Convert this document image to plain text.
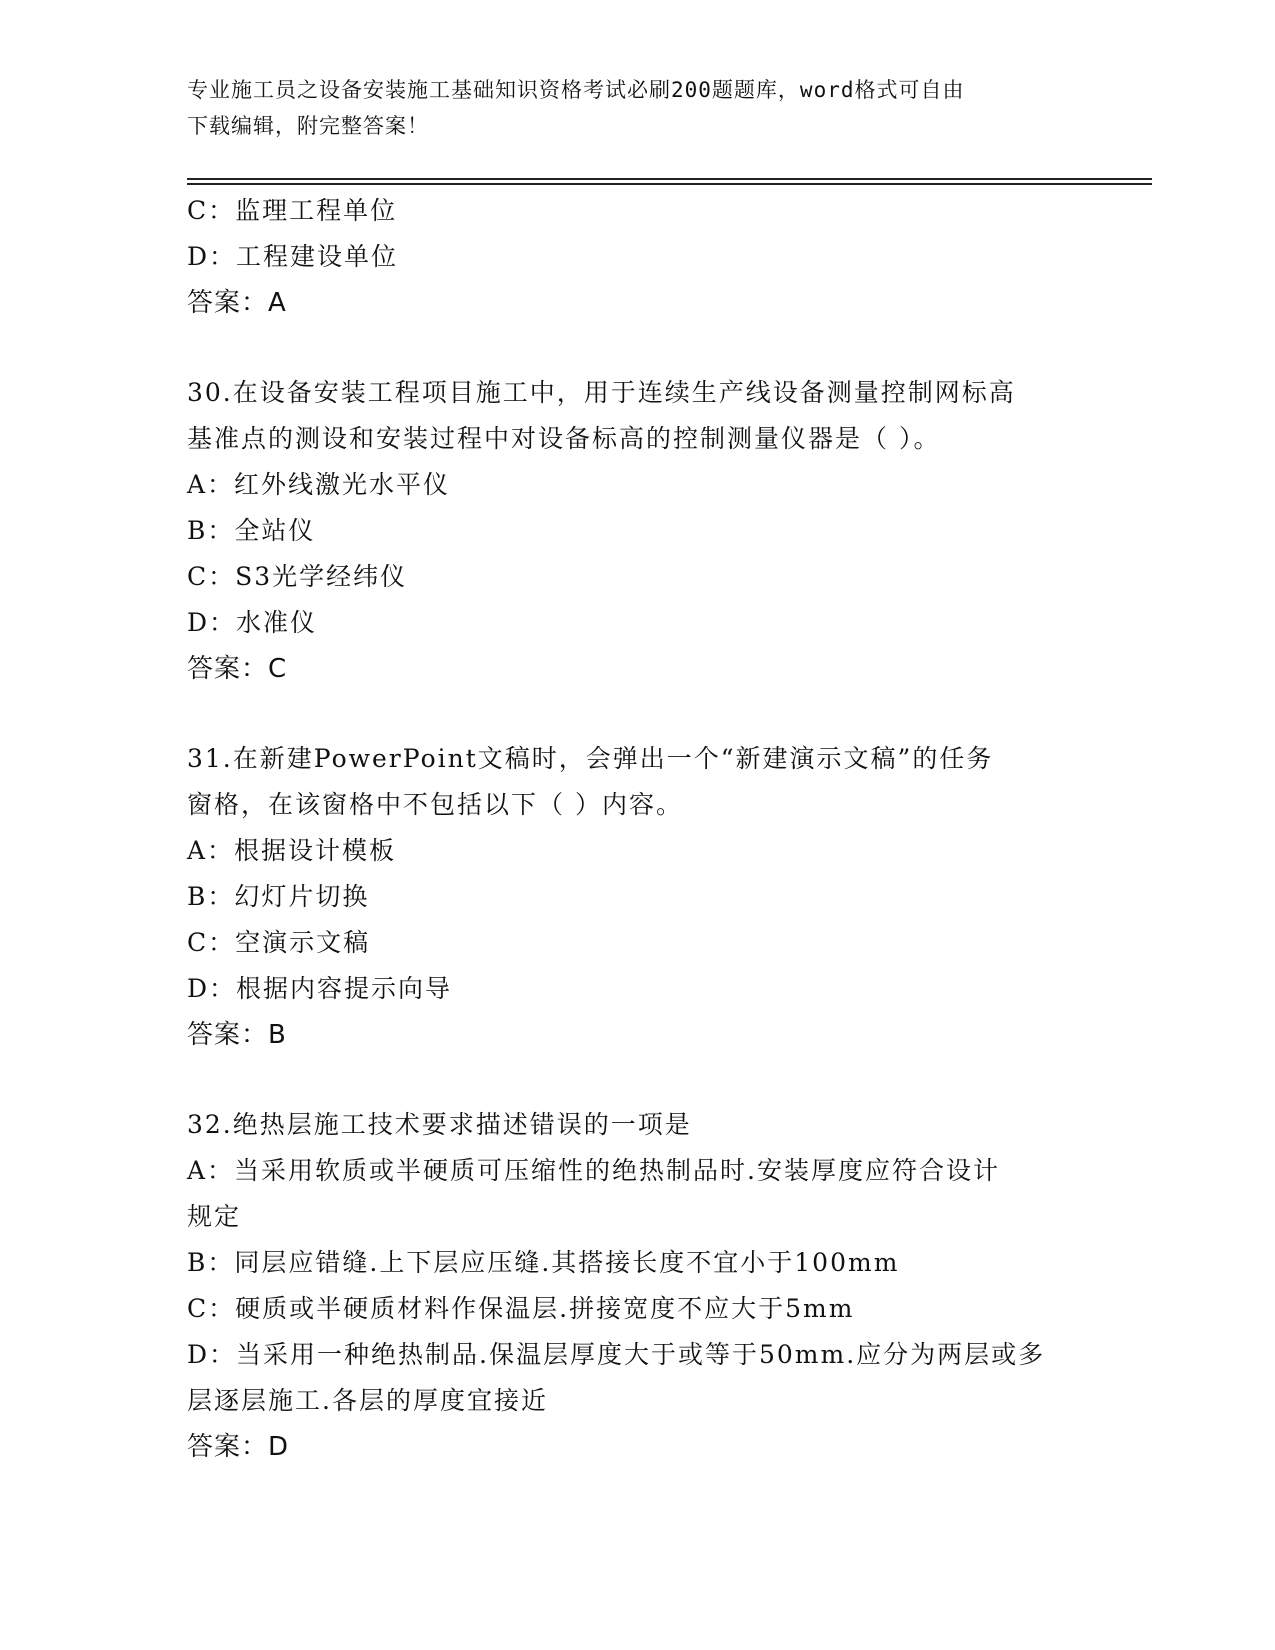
专业施工员之设备安装施工基础知识资格考试必刷200题题库，word格式可自由
下载编辑，附完整答案！
C：监理工程单位
D：工程建设单位
答案：A
30.在设备安装工程项目施工中，用于连续生产线设备测量控制网标高
基准点的测设和安装过程中对设备标高的控制测量仪器是（ ）。
A：红外线激光水平仪
B：全站仪
C：S3光学经纬仪
D：水准仪
答案：C
31.在新建PowerPoint文稿时，会弹出一个“新建演示文稿”的任务
窗格，在该窗格中不包括以下（ ）内容。
A：根据设计模板
B：幻灯片切换
C：空演示文稿
D：根据内容提示向导
答案：B
32.绝热层施工技术要求描述错误的一项是
A：当采用软质或半硬质可压缩性的绝热制品时.安装厚度应符合设计
规定
B：同层应错缝.上下层应压缝.其搭接长度不宜小于100mm
C：硬质或半硬质材料作保温层.拼接宽度不应大于5mm
D：当采用一种绝热制品.保温层厚度大于或等于50mm.应分为两层或多
层逐层施工.各层的厚度宜接近
答案：D
